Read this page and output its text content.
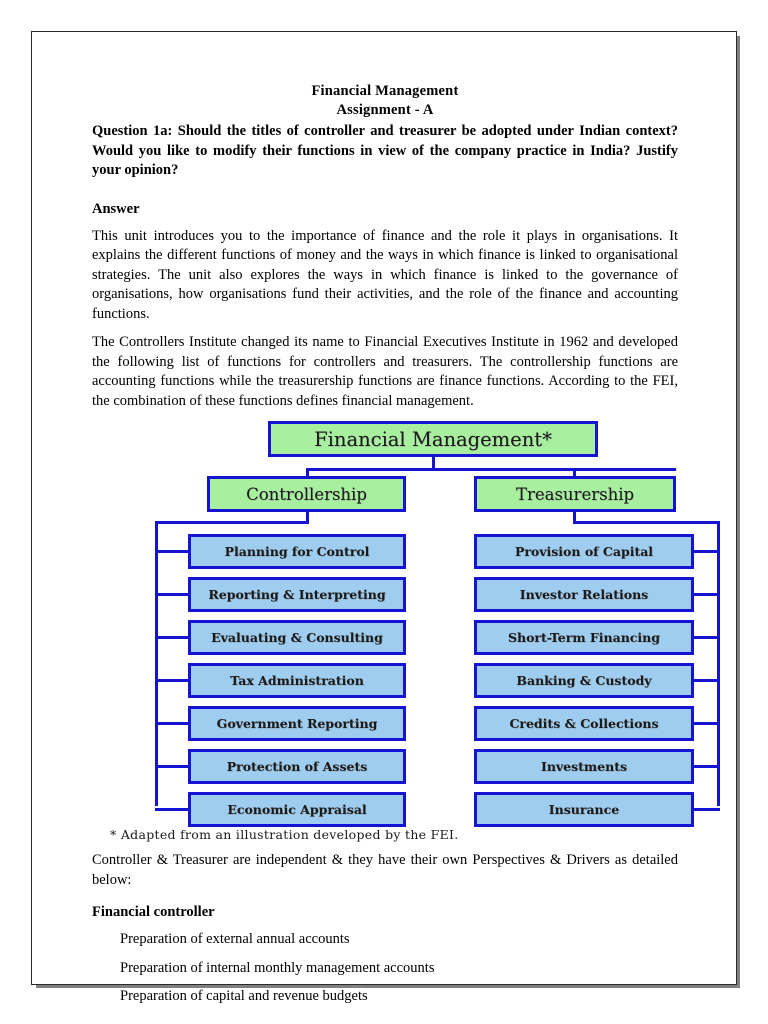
Financial Management
Assignment - A
Question 1a: Should the titles of controller and treasurer be adopted under Indian context? Would you like to modify their functions in view of the company practice in India? Justify your opinion?
Answer
This unit introduces you to the importance of finance and the role it plays in organisations. It explains the different functions of money and the ways in which finance is linked to organisational strategies. The unit also explores the ways in which finance is linked to the governance of organisations, how organisations fund their activities, and the role of the finance and accounting functions.
The Controllers Institute changed its name to Financial Executives Institute in 1962 and developed the following list of functions for controllers and treasurers. The controllership functions are accounting functions while the treasurership functions are finance functions. According to the FEI, the combination of these functions defines financial management.
Financial Management*
Controllership	Treasurership
Planning for Control
Reporting & Interpreting
Evaluating & Consulting
Tax Administration
Government Reporting
Protection of Assets
Economic Appraisal
Provision of Capital
Investor Relations
Short-Term Financing
Banking & Custody
Credits & Collections
Investments
Insurance
* Adapted from an illustration developed by the FEI.
Controller & Treasurer are independent & they have their own Perspectives & Drivers as detailed below:
Financial controller
Preparation of external annual accounts
Preparation of internal monthly management accounts
Preparation of capital and revenue budgets
